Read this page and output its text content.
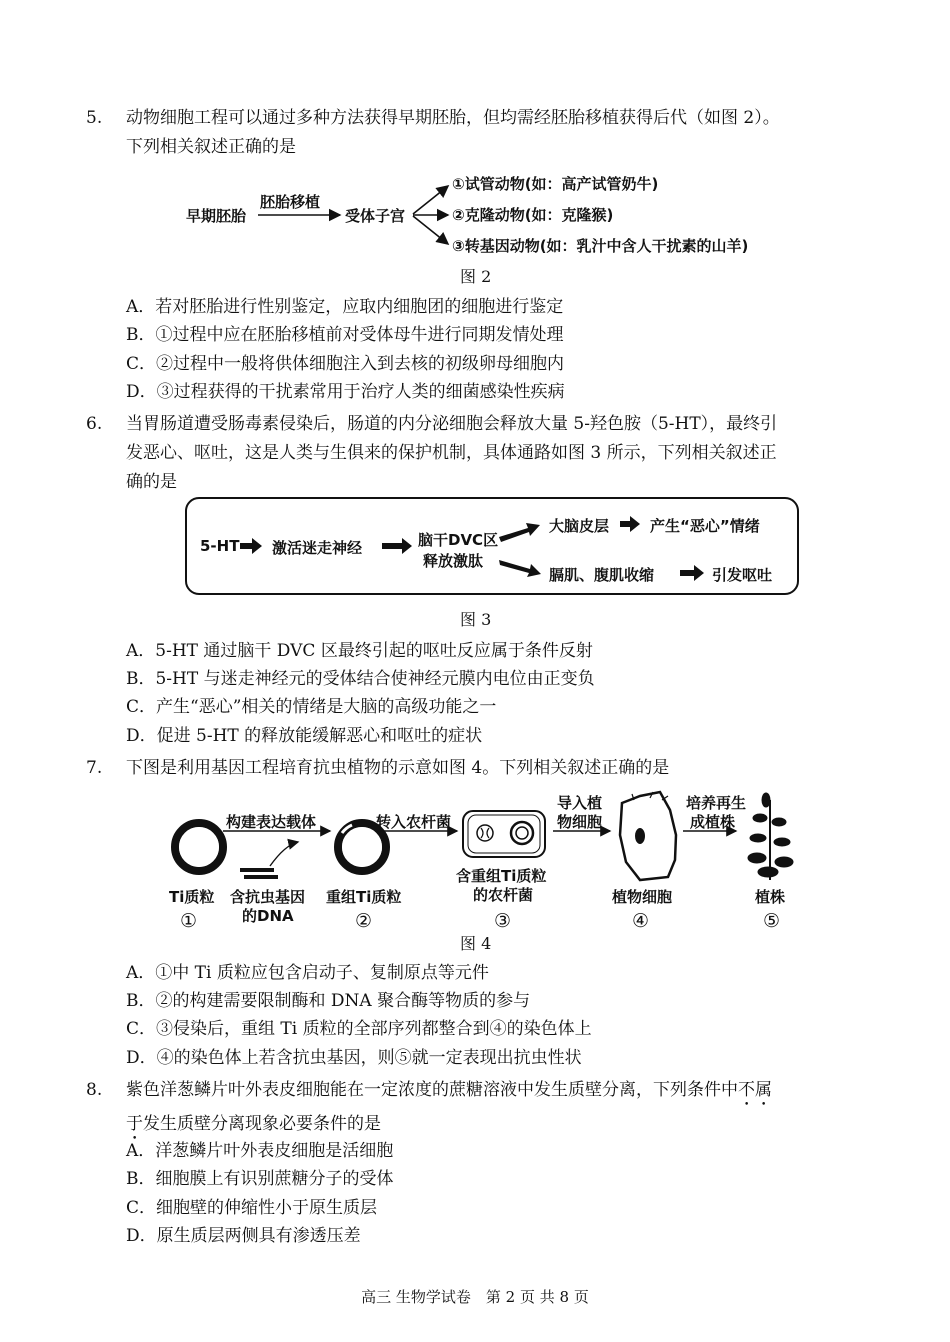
5. 动物细胞工程可以通过多种方法获得早期胚胎，但均需经胚胎移植获得后代（如图 2）。
下列相关叙述正确的是
早期胚胎
胚胎移植
受体子宫
①试管动物(如：高产试管奶牛)
②克隆动物(如：克隆猴)
③转基因动物(如：乳汁中含人干扰素的山羊)
图 2
A．若对胚胎进行性别鉴定，应取内细胞团的细胞进行鉴定
B．①过程中应在胚胎移植前对受体母牛进行同期发情处理
C．②过程中一般将供体细胞注入到去核的初级卵母细胞内
D．③过程获得的干扰素常用于治疗人类的细菌感染性疾病
6. 当胃肠道遭受肠毒素侵染后，肠道的内分泌细胞会释放大量 5-羟色胺（5-HT），最终引
发恶心、呕吐，这是人类与生俱来的保护机制，具体通路如图 3 所示，下列相关叙述正
确的是
5-HT 激活迷走神经	脑干DVC区
释放激肽
大脑皮层	产生“恶心”情绪
膈肌、腹肌收缩	引发呕吐
图 3
A．5-HT 通过脑干 DVC 区最终引起的呕吐反应属于条件反射
B．5-HT 与迷走神经元的受体结合使神经元膜内电位由正变负
C．产生“恶心”相关的情绪是大脑的高级功能之一
D．促进 5-HT 的释放能缓解恶心和呕吐的症状
7. 下图是利用基因工程培育抗虫植物的示意如图 4。下列相关叙述正确的是
构建表达载体	转入农杆菌
导入植
物细胞
培养再生
成植株
Ti质粒 含抗虫基因
的DNA
重组Ti质粒
含重组Ti质粒
的农杆菌	植物细胞	植株
①	②	③	④	⑤
图 4
A．①中 Ti 质粒应包含启动子、复制原点等元件
B．②的构建需要限制酶和 DNA 聚合酶等物质的参与
C．③侵染后，重组 Ti 质粒的全部序列都整合到④的染色体上
D．④的染色体上若含抗虫基因，则⑤就一定表现出抗虫性状
8. 紫色洋葱鳞片叶外表皮细胞能在一定浓度的蔗糖溶液中发生质壁分离，下列条件中不属
于发生质壁分离现象必要条件的是
A．洋葱鳞片叶外表皮细胞是活细胞
B．细胞膜上有识别蔗糖分子的受体
C．细胞壁的伸缩性小于原生质层
D．原生质层两侧具有渗透压差
高三 生物学试卷　第 2 页 共 8 页
